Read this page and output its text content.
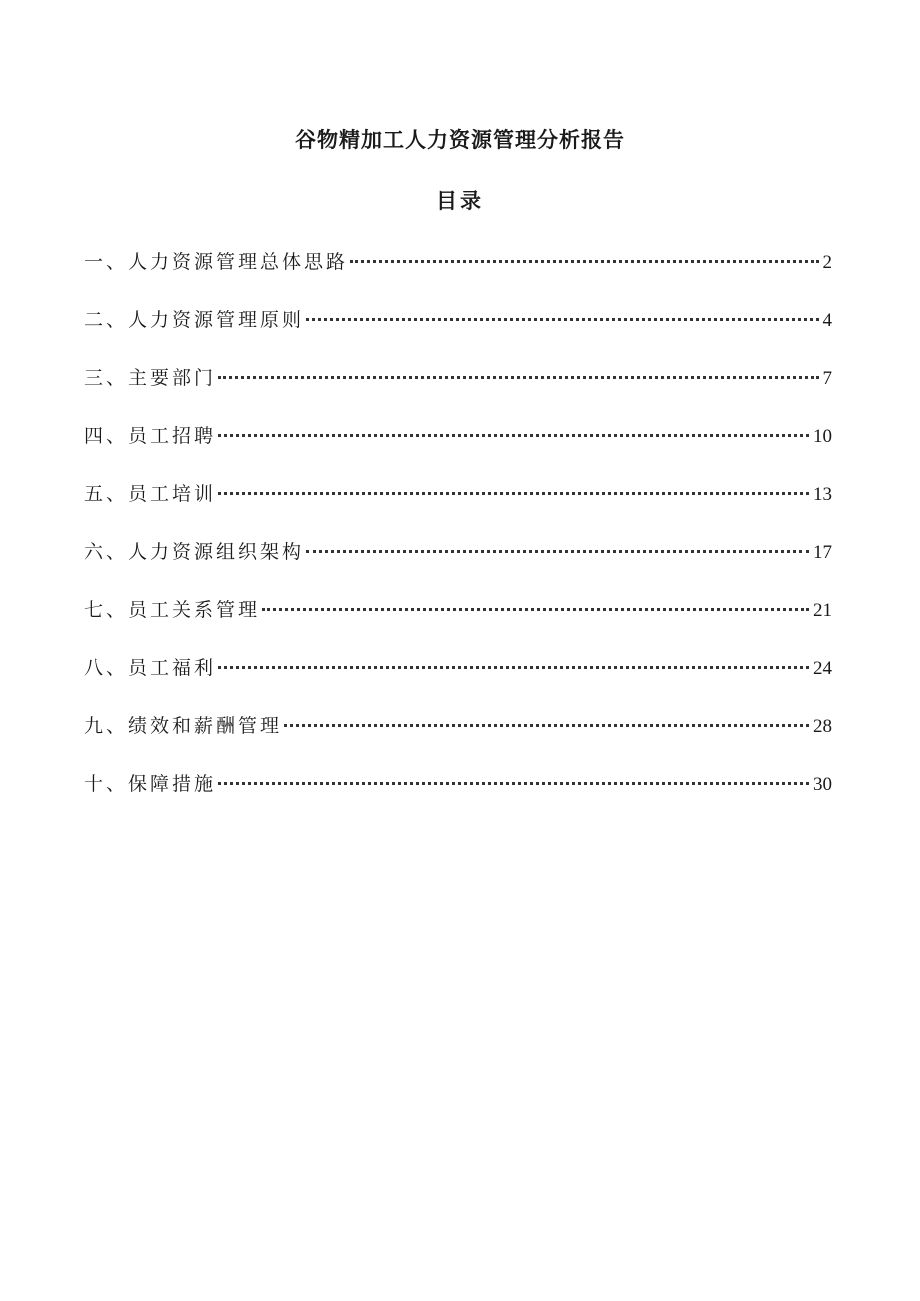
谷物精加工人力资源管理分析报告
目录
一、人力资源管理总体思路	2
二、人力资源管理原则	4
三、主要部门	7
四、员工招聘	10
五、员工培训	13
六、人力资源组织架构	17
七、员工关系管理	21
八、员工福利	24
九、绩效和薪酬管理	28
十、保障措施	30
